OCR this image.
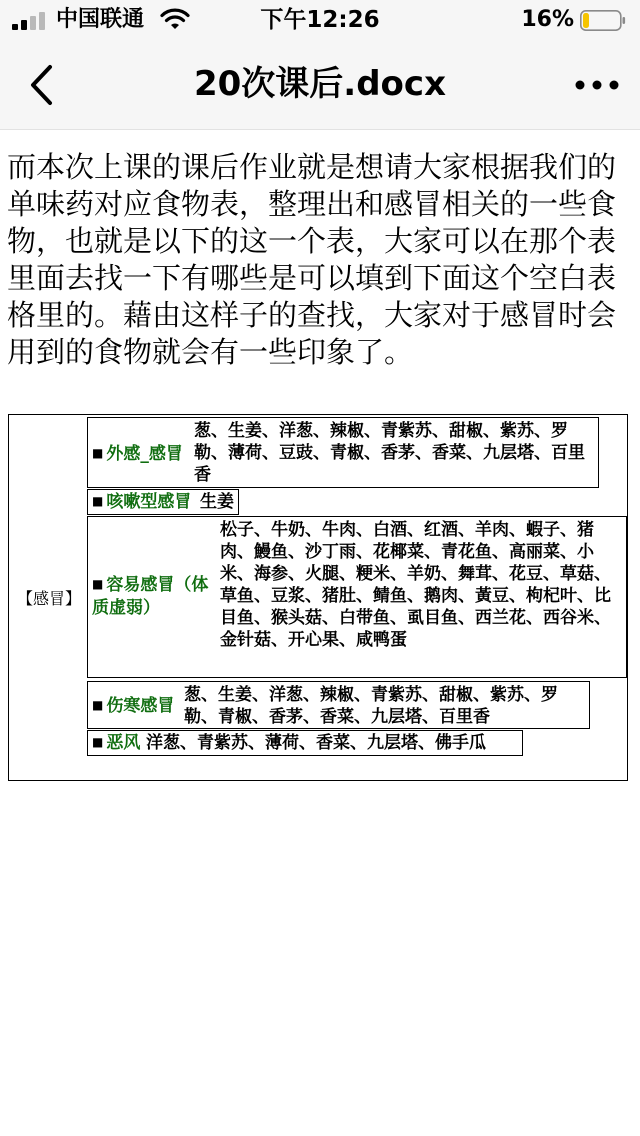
中国联通	下午12:26	16%
20次课后.docx

而本次上课的课后作业就是想请大家根据我们的单味药对应食物表，整理出和感冒相关的一些食物，也就是以下的这一个表，大家可以在那个表里面去找一下有哪些是可以填到下面这个空白表格里的。藉由这样子的查找，大家对于感冒时会用到的食物就会有一些印象了。

【感冒】
■ 外感_感冒
葱、生姜、洋葱、辣椒、青紫苏、甜椒、紫苏、罗勒、薄荷、豆豉、青椒、香茅、香菜、九层塔、百里香
■ 咳嗽型感冒 生姜
■ 容易感冒（体质虚弱）
松子、牛奶、牛肉、白酒、红酒、羊肉、蝦子、猪肉、鰻鱼、沙丁雨、花椰菜、青花鱼、高丽菜、小米、海参、火腿、粳米、羊奶、舞茸、花豆、草菇、草鱼、豆浆、猪肚、鲭鱼、鹅肉、黃豆、枸杞叶、比目鱼、猴头菇、白带鱼、虱目鱼、西兰花、西谷米、金针菇、开心果、咸鸭蛋
■ 伤寒感冒
葱、生姜、洋葱、辣椒、青紫苏、甜椒、紫苏、罗勒、青椒、香茅、香菜、九层塔、百里香
■ 恶风 洋葱、青紫苏、薄荷、香菜、九层塔、佛手瓜
